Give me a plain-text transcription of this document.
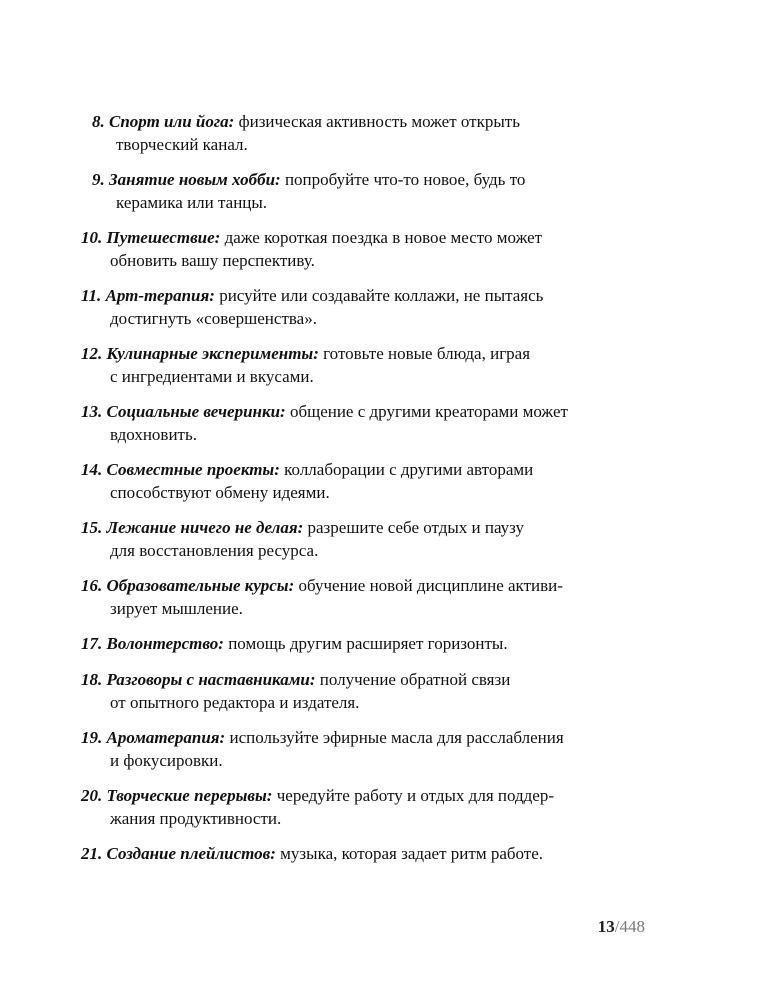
8. Спорт или йога: физическая активность может открыть
творческий канал.
9. Занятие новым хобби: попробуйте что-то новое, будь то
керамика или танцы.
10. Путешествие: даже короткая поездка в новое место может
обновить вашу перспективу.
11. Арт-терапия: рисуйте или создавайте коллажи, не пытаясь
достигнуть «совершенства».
12. Кулинарные эксперименты: готовьте новые блюда, играя
с ингредиентами и вкусами.
13. Социальные вечеринки: общение с другими креаторами может
вдохновить.
14. Совместные проекты: коллаборации с другими авторами
способствуют обмену идеями.
15. Лежание ничего не делая: разрешите себе отдых и паузу
для восстановления ресурса.
16. Образовательные курсы: обучение новой дисциплине активи-
зирует мышление.
17. Волонтерство: помощь другим расширяет горизонты.
18. Разговоры с наставниками: получение обратной связи
от опытного редактора и издателя.
19. Ароматерапия: используйте эфирные масла для расслабления
и фокусировки.
20. Творческие перерывы: чередуйте работу и отдых для поддер-
жания продуктивности.
21. Создание плейлистов: музыка, которая задает ритм работе.
13/448
